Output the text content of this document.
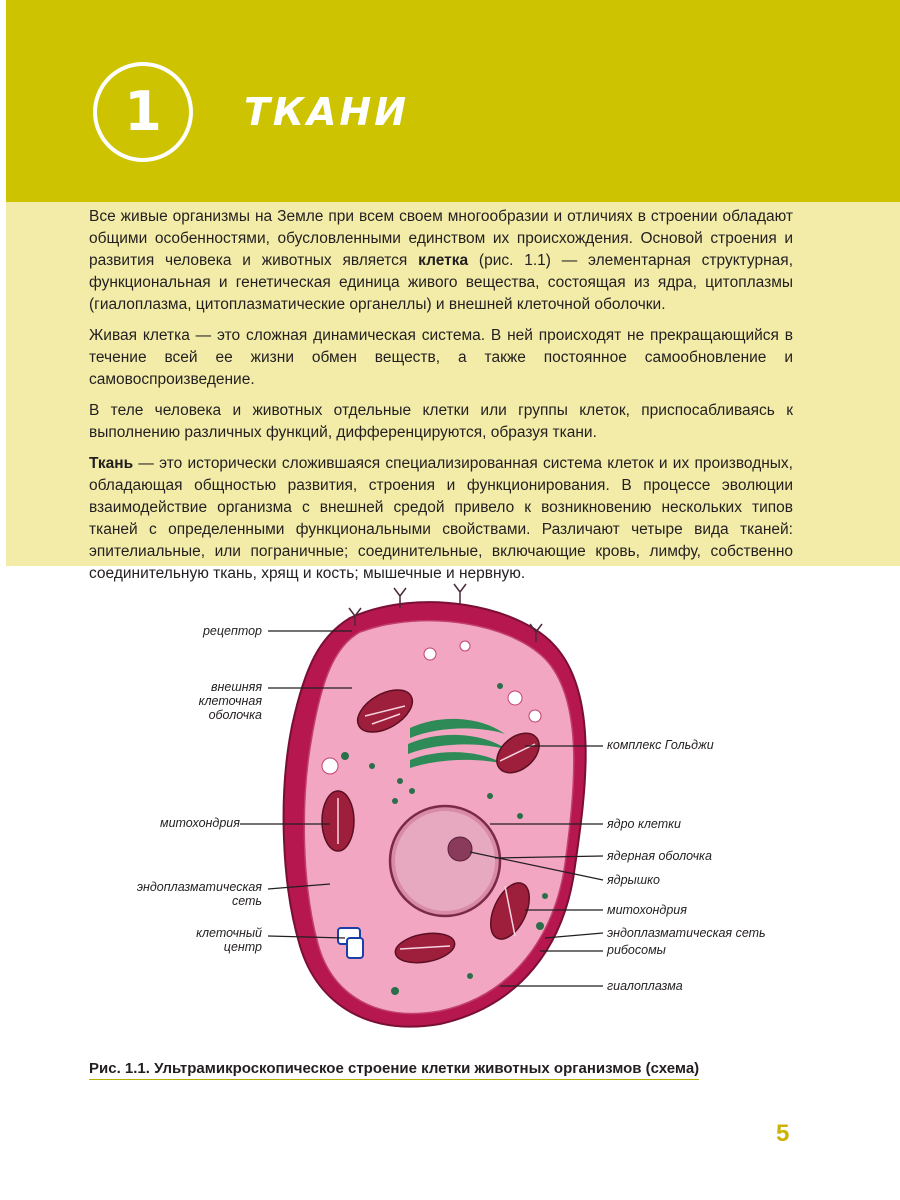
1	ТКАНИ

Все живые организмы на Земле при всем своем многообразии и отличиях в строении обладают общими особенностями, обусловленными единством их происхождения. Основой строения и развития человека и животных является клетка (рис. 1.1) — элементарная структурная, функциональная и генетическая единица живого вещества, состоящая из ядра, цитоплазмы (гиалоплазма, цитоплазматические органеллы) и внешней клеточной оболочки.

Живая клетка — это сложная динамическая система. В ней происходят не прекращающийся в течение всей ее жизни обмен веществ, а также постоянное самообновление и самовоспроизведение.

В теле человека и животных отдельные клетки или группы клеток, приспосабливаясь к выполнению различных функций, дифференцируются, образуя ткани.

Ткань — это исторически сложившаяся специализированная система клеток и их производных, обладающая общностью развития, строения и функционирования. В процессе эволюции взаимодействие организма с внешней средой привело к возникновению нескольких типов тканей с определенными функциональными свойствами. Различают четыре вида тканей: эпителиальные, или пограничные; соединительные, включающие кровь, лимфу, собственно соединительную ткань, хрящ и кость; мышечные и нервную.

рецептор
внешняя клеточная оболочка
митохондрия
эндоплазматическая сеть
клеточный центр
комплекс Гольджи
ядро клетки
ядерная оболочка
ядрышко
митохондрия
эндоплазматическая сеть
рибосомы
гиалоплазма
Рис. 1.1. Ультрамикроскопическое строение клетки животных организмов (схема)
5
